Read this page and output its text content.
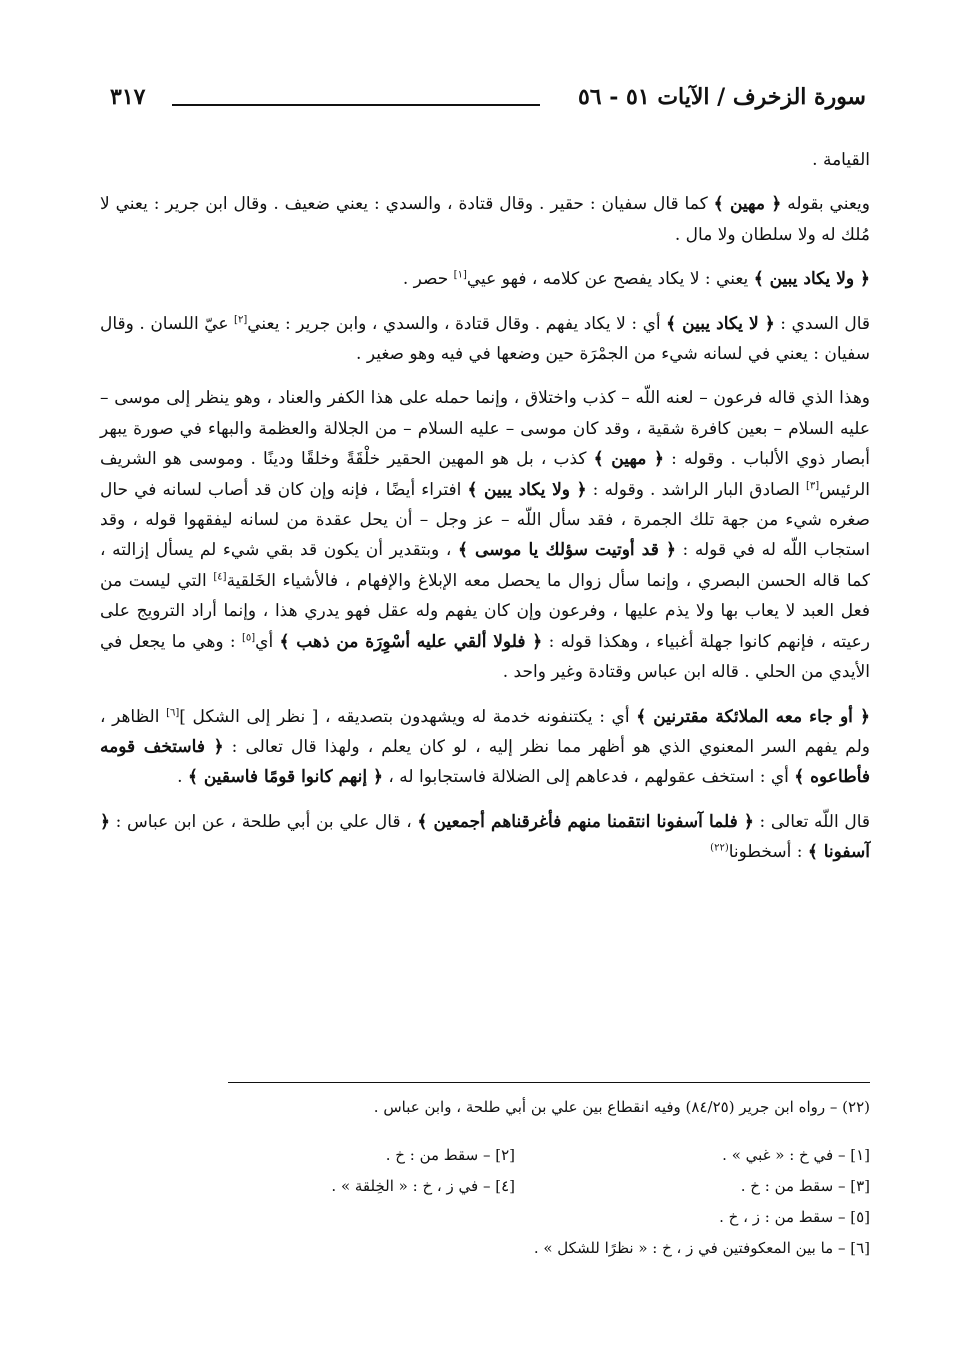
سورة الزخرف / الآيات ٥١ - ٥٦
٣١٧

القيامة .

ويعني بقوله ﴿ مهين ﴾ كما قال سفيان : حقير . وقال قتادة ، والسدي : يعني ضعيف . وقال ابن جرير : يعني لا مُلك له ولا سلطان ولا مال .

﴿ ولا يكاد يبين ﴾ يعني : لا يكاد يفصح عن كلامه ، فهو عيي[١] حصر .

قال السدي : ﴿ لا يكاد يبين ﴾ أي : لا يكاد يفهم . وقال قتادة ، والسدي ، وابن جرير : يعني[٢] عيّ اللسان . وقال سفيان : يعني في لسانه شيء من الجمْرَة حين وضعها في فيه وهو صغير .

وهذا الذي قاله فرعون – لعنه اللّه – كذب واختلاق ، وإنما حمله على هذا الكفر والعناد ، وهو ينظر إلى موسى – عليه السلام – بعين كافرة شقية ، وقد كان موسى – عليه السلام – من الجلالة والعظمة والبهاء في صورة يبهر أبصار ذوي الألباب . وقوله : ﴿ مهين ﴾ كذب ، بل هو المهين الحقير خلْقَةً وخلقًا ودينًا . وموسى هو الشريف الرئيس[٣] الصادق البار الراشد . وقوله : ﴿ ولا يكاد يبين ﴾ افتراء أيضًا ، فإنه وإن كان قد أصاب لسانه في حال صغره شيء من جهة تلك الجمرة ، فقد سأل اللّه – عز وجل – أن يحل عقدة من لسانه ليفقهوا قوله ، وقد استجاب اللّه له في قوله : ﴿ قد أوتيت سؤلك يا موسى ﴾ ، وبتقدير أن يكون قد بقي شيء لم يسأل إزالته ، كما قاله الحسن البصري ، وإنما سأل زوال ما يحصل معه الإبلاغ والإفهام ، فالأشياء الخَلقية[٤] التي ليست من فعل العبد لا يعاب بها ولا يذم عليها ، وفرعون وإن كان يفهم وله عقل فهو يدري هذا ، وإنما أراد الترويج على رعيته ، فإنهم كانوا جهلة أغبياء ، وهكذا قوله : ﴿ فلولا ألقي عليه أسْوِرَة من ذهب ﴾ أي[٥] : وهي ما يجعل في الأيدي من الحلي . قاله ابن عباس وقتادة وغير واحد .

﴿ أو جاء معه الملائكة مقترنين ﴾ أي : يكتنفونه خدمة له ويشهدون بتصديقه ، [ نظر إلى الشكل ][٦] الظاهر ، ولم يفهم السر المعنوي الذي هو أظهر مما نظر إليه ، لو كان يعلم ، ولهذا قال تعالى : ﴿ فاستخف قومه فأطاعوه ﴾ أي : استخف عقولهم ، فدعاهم إلى الضلالة فاستجابوا له ، ﴿ إنهم كانوا قومًا فاسقين ﴾ .

قال اللّه تعالى : ﴿ فلما آسفونا انتقمنا منهم فأغرقناهم أجمعين ﴾ ، قال علي بن أبي طلحة ، عن ابن عباس : ﴿ آسفونا ﴾ : أسخطونا$^{(٢٢)}$

(٢٢) – رواه ابن جرير (٨٤/٢٥) وفيه انقطاع بين علي بن أبي طلحة ، وابن عباس .
[١] – في خ : « غبي » .
[٢] – سقط من : خ .
[٣] – سقط من : خ .
[٤] – في ز ، خ : « الخِلقة » .
[٥] – سقط من : ز ، خ .
[٦] – ما بين المعكوفتين في ز ، خ : « نظرًا للشكل » .
